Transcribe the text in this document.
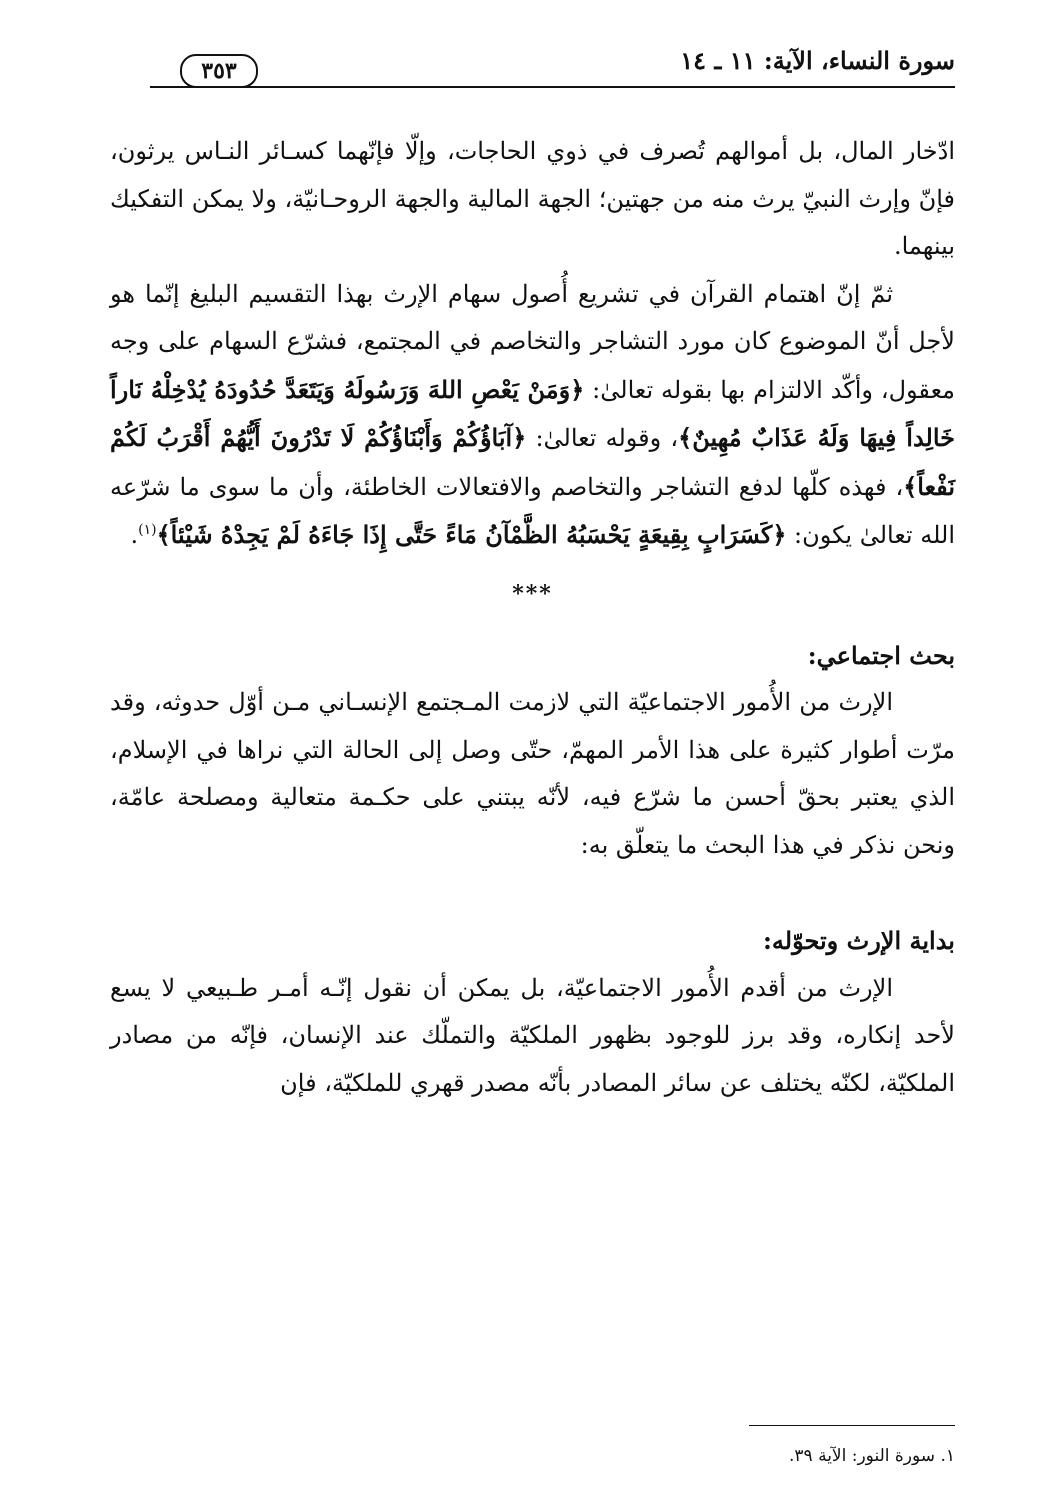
سورة النساء، الآية: ١١ ـ ١٤
٣٥٣

ادّخار المال، بل أموالهم تُصرف في ذوي الحاجات، وإلّا فإنّهما كسـائر النـاس يرثون، فإنّ وإرث النبيّ يرث منه من جهتين؛ الجهة المالية والجهة الروحـانيّة، ولا يمكن التفكيك بينهما.

ثمّ إنّ اهتمام القرآن في تشريع أُصول سهام الإرث بهذا التقسيم البليغ إنّما هو لأجل أنّ الموضوع كان مورد التشاجر والتخاصم في المجتمع، فشرّع السهام على وجه معقول، وأكّد الالتزام بها بقوله تعالىٰ: ﴿وَمَنْ يَعْصِ اللهَ وَرَسُولَهُ وَيَتَعَدَّ حُدُودَهُ يُدْخِلْهُ نَاراً خَالِداً فِيهَا وَلَهُ عَذَابٌ مُهِينٌ﴾، وقوله تعالىٰ: ﴿آبَاؤُكُمْ وَأَبْنَاؤُكُمْ لَا تَدْرُونَ أَيُّهُمْ أَقْرَبُ لَكُمْ نَفْعاً﴾، فهذه كلّها لدفع التشاجر والتخاصم والافتعالات الخاطئة، وأن ما سوى ما شرّعه الله تعالىٰ يكون: ﴿كَسَرَابٍ بِقِيعَةٍ يَحْسَبُهُ الظَّمْآنُ مَاءً حَتَّى إِذَا جَاءَهُ لَمْ يَجِدْهُ شَيْئاً﴾$^{(١)}$.

***

بحث اجتماعي:

الإرث من الأُمور الاجتماعيّة التي لازمت المـجتمع الإنسـاني مـن أوّل حدوثه، وقد مرّت أطوار كثيرة على هذا الأمر المهمّ، حتّى وصل إلى الحالة التي نراها في الإسلام، الذي يعتبر بحقّ أحسن ما شرّع فيه، لأنّه يبتني على حكـمة متعالية ومصلحة عامّة، ونحن نذكر في هذا البحث ما يتعلّق به:

بداية الإرث وتحوّله:

الإرث من أقدم الأُمور الاجتماعيّة، بل يمكن أن نقول إنّـه أمـر طـبيعي لا يسع لأحد إنكاره، وقد برز للوجود بظهور الملكيّة والتملّك عند الإنسان، فإنّه من مصادر الملكيّة، لكنّه يختلف عن سائر المصادر بأنّه مصدر قهري للملكيّة، فإن

١. سورة النور: الآية ٣٩.
